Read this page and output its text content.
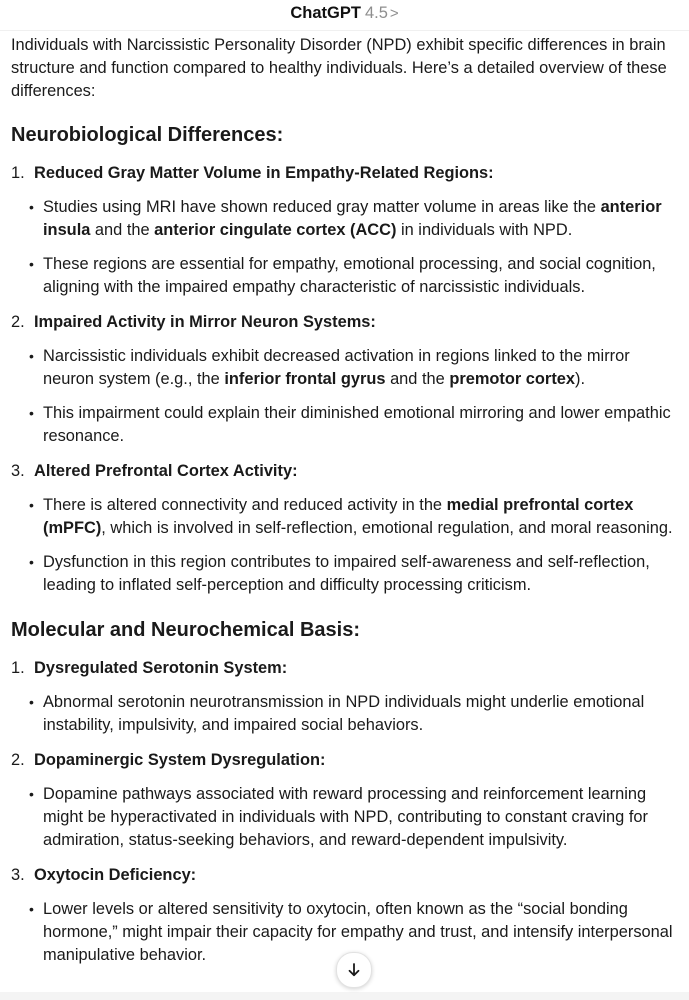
ChatGPT 4.5 >

Individuals with Narcissistic Personality Disorder (NPD) exhibit specific differences in brain structure and function compared to healthy individuals. Here’s a detailed overview of these differences:

Neurobiological Differences:
1. Reduced Gray Matter Volume in Empathy-Related Regions:
• Studies using MRI have shown reduced gray matter volume in areas like the anterior insula and the anterior cingulate cortex (ACC) in individuals with NPD.
• These regions are essential for empathy, emotional processing, and social cognition, aligning with the impaired empathy characteristic of narcissistic individuals.
2. Impaired Activity in Mirror Neuron Systems:
• Narcissistic individuals exhibit decreased activation in regions linked to the mirror neuron system (e.g., the inferior frontal gyrus and the premotor cortex).
• This impairment could explain their diminished emotional mirroring and lower empathic resonance.
3. Altered Prefrontal Cortex Activity:
• There is altered connectivity and reduced activity in the medial prefrontal cortex (mPFC), which is involved in self-reflection, emotional regulation, and moral reasoning.
• Dysfunction in this region contributes to impaired self-awareness and self-reflection, leading to inflated self-perception and difficulty processing criticism.
Molecular and Neurochemical Basis:
1. Dysregulated Serotonin System:
• Abnormal serotonin neurotransmission in NPD individuals might underlie emotional instability, impulsivity, and impaired social behaviors.
2. Dopaminergic System Dysregulation:
• Dopamine pathways associated with reward processing and reinforcement learning might be hyperactivated in individuals with NPD, contributing to constant craving for admiration, status-seeking behaviors, and reward-dependent impulsivity.
3. Oxytocin Deficiency:
• Lower levels or altered sensitivity to oxytocin, often known as the “social bonding hormone,” might impair their capacity for empathy and trust, and intensify interpersonal manipulative behavior.
